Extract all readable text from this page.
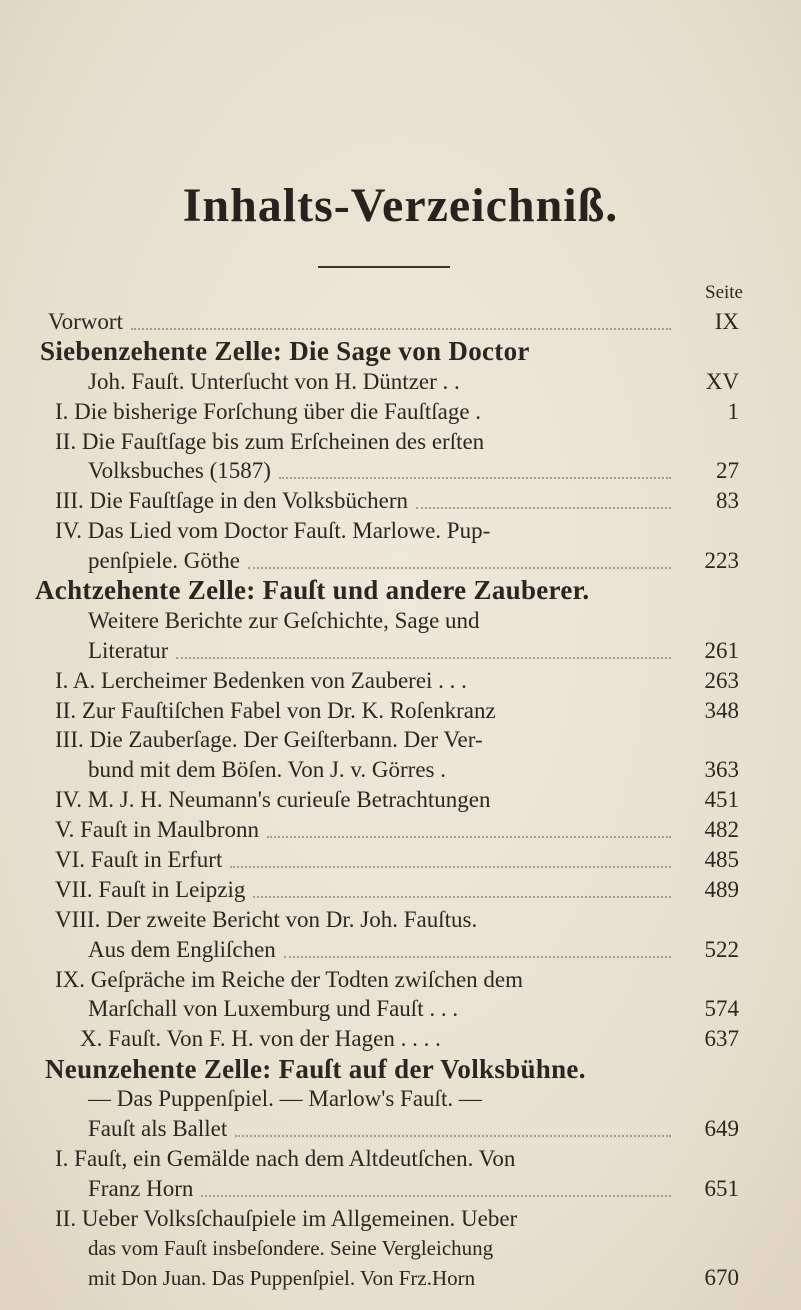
Inhalts-Verzeichniß.
Seite
Vorwort	IX
Siebenzehente Zelle: Die Sage von Doctor
Joh. Fauſt. Unterſucht von H. Düntzer . .	XV
I. Die bisherige Forſchung über die Fauſtſage .	1
II. Die Fauſtſage bis zum Erſcheinen des erſten
Volksbuches (1587)	27
III. Die Fauſtſage in den Volksbüchern	83
IV. Das Lied vom Doctor Fauſt. Marlowe. Pup-
penſpiele. Göthe	223
Achtzehente Zelle: Fauſt und andere Zauberer.
Weitere Berichte zur Geſchichte, Sage und
Literatur	261
I. A. Lercheimer Bedenken von Zauberei . . .	263
II. Zur Fauſtiſchen Fabel von Dr. K. Roſenkranz	348
III. Die Zauberſage. Der Geiſterbann. Der Ver-
bund mit dem Böſen. Von J. v. Görres .	363
IV. M. J. H. Neumann's curieuſe Betrachtungen	451
V. Fauſt in Maulbronn	482
VI. Fauſt in Erfurt	485
VII. Fauſt in Leipzig	489
VIII. Der zweite Bericht von Dr. Joh. Fauſtus.
Aus dem Engliſchen	522
IX. Geſpräche im Reiche der Todten zwiſchen dem
Marſchall von Luxemburg und Fauſt . . .	574
X. Fauſt. Von F. H. von der Hagen . . . .	637
Neunzehente Zelle: Fauſt auf der Volksbühne.
— Das Puppenſpiel. — Marlow's Fauſt. —
Fauſt als Ballet	649
I. Fauſt, ein Gemälde nach dem Altdeutſchen. Von
Franz Horn	651
II. Ueber Volksſchauſpiele im Allgemeinen. Ueber
das vom Fauſt insbeſondere. Seine Vergleichung
mit Don Juan. Das Puppenſpiel. Von Frz.Horn	670
